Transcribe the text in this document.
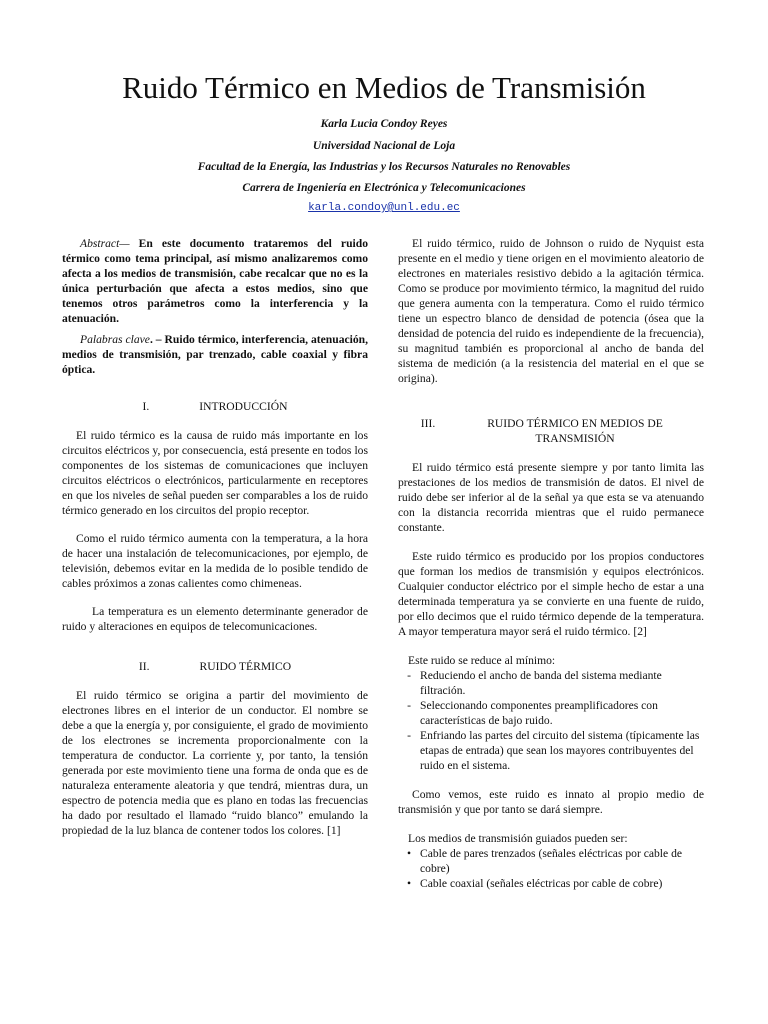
Ruido Térmico en Medios de Transmisión
Karla Lucia Condoy Reyes
Universidad Nacional de Loja
Facultad de la Energía, las Industrias y los Recursos Naturales no Renovables
Carrera de Ingeniería en Electrónica y Telecomunicaciones
karla.condoy@unl.edu.ec

Abstract— En este documento trataremos del ruido térmico como tema principal, así mismo analizaremos como afecta a los medios de transmisión, cabe recalcar que no es la única perturbación que afecta a estos medios, sino que tenemos otros parámetros como la interferencia y la atenuación.

Palabras clave. – Ruido térmico, interferencia, atenuación, medios de transmisión, par trenzado, cable coaxial y fibra óptica.

I.	INTRODUCCIÓN

El ruido térmico es la causa de ruido más importante en los circuitos eléctricos y, por consecuencia, está presente en todos los componentes de los sistemas de comunicaciones que incluyen circuitos eléctricos o electrónicos, particularmente en receptores en que los niveles de señal pueden ser comparables a los de ruido térmico generado en los circuitos del propio receptor.

Como el ruido térmico aumenta con la temperatura, a la hora de hacer una instalación de telecomunicaciones, por ejemplo, de televisión, debemos evitar en la medida de lo posible tendido de cables próximos a zonas calientes como chimeneas.

La temperatura es un elemento determinante generador de ruido y alteraciones en equipos de telecomunicaciones.

II.	RUIDO TÉRMICO

El ruido térmico se origina a partir del movimiento de electrones libres en el interior de un conductor. El nombre se debe a que la energía y, por consiguiente, el grado de movimiento de los electrones se incrementa proporcionalmente con la temperatura de conductor. La corriente y, por tanto, la tensión generada por este movimiento tiene una forma de onda que es de naturaleza enteramente aleatoria y que tendrá, mientras dura, un espectro de potencia media que es plano en todas las frecuencias ha dado por resultado el llamado “ruido blanco” emulando la propiedad de la luz blanca de contener todos los colores. [1]

El ruido térmico, ruido de Johnson o ruido de Nyquist esta presente en el medio y tiene origen en el movimiento aleatorio de electrones en materiales resistivo debido a la agitación térmica. Como se produce por movimiento térmico, la magnitud del ruido que genera aumenta con la temperatura. Como el ruido térmico tiene un espectro blanco de densidad de potencia (ósea que la densidad de potencia del ruido es independiente de la frecuencia), su magnitud también es proporcional al ancho de banda del sistema de medición (a la resistencia del material en el que se origina).

III.	RUIDO TÉRMICO EN MEDIOS DE TRANSMISIÓN

El ruido térmico está presente siempre y por tanto limita las prestaciones de los medios de transmisión de datos. El nivel de ruido debe ser inferior al de la señal ya que esta se va atenuando con la distancia recorrida mientras que el ruido permanece constante.

Este ruido térmico es producido por los propios conductores que forman los medios de transmisión y equipos electrónicos. Cualquier conductor eléctrico por el simple hecho de estar a una determinada temperatura ya se convierte en una fuente de ruido, por ello decimos que el ruido térmico depende de la temperatura. A mayor temperatura mayor será el ruido térmico. [2]

Este ruido se reduce al mínimo:

- Reduciendo el ancho de banda del sistema mediante filtración.
- Seleccionando componentes preamplificadores con características de bajo ruido.
- Enfriando las partes del circuito del sistema (típicamente las etapas de entrada) que sean los mayores contribuyentes del ruido en el sistema.

Como vemos, este ruido es innato al propio medio de transmisión y que por tanto se dará siempre.

Los medios de transmisión guiados pueden ser:

• Cable de pares trenzados (señales eléctricas por cable de cobre)
• Cable coaxial (señales eléctricas por cable de cobre)
